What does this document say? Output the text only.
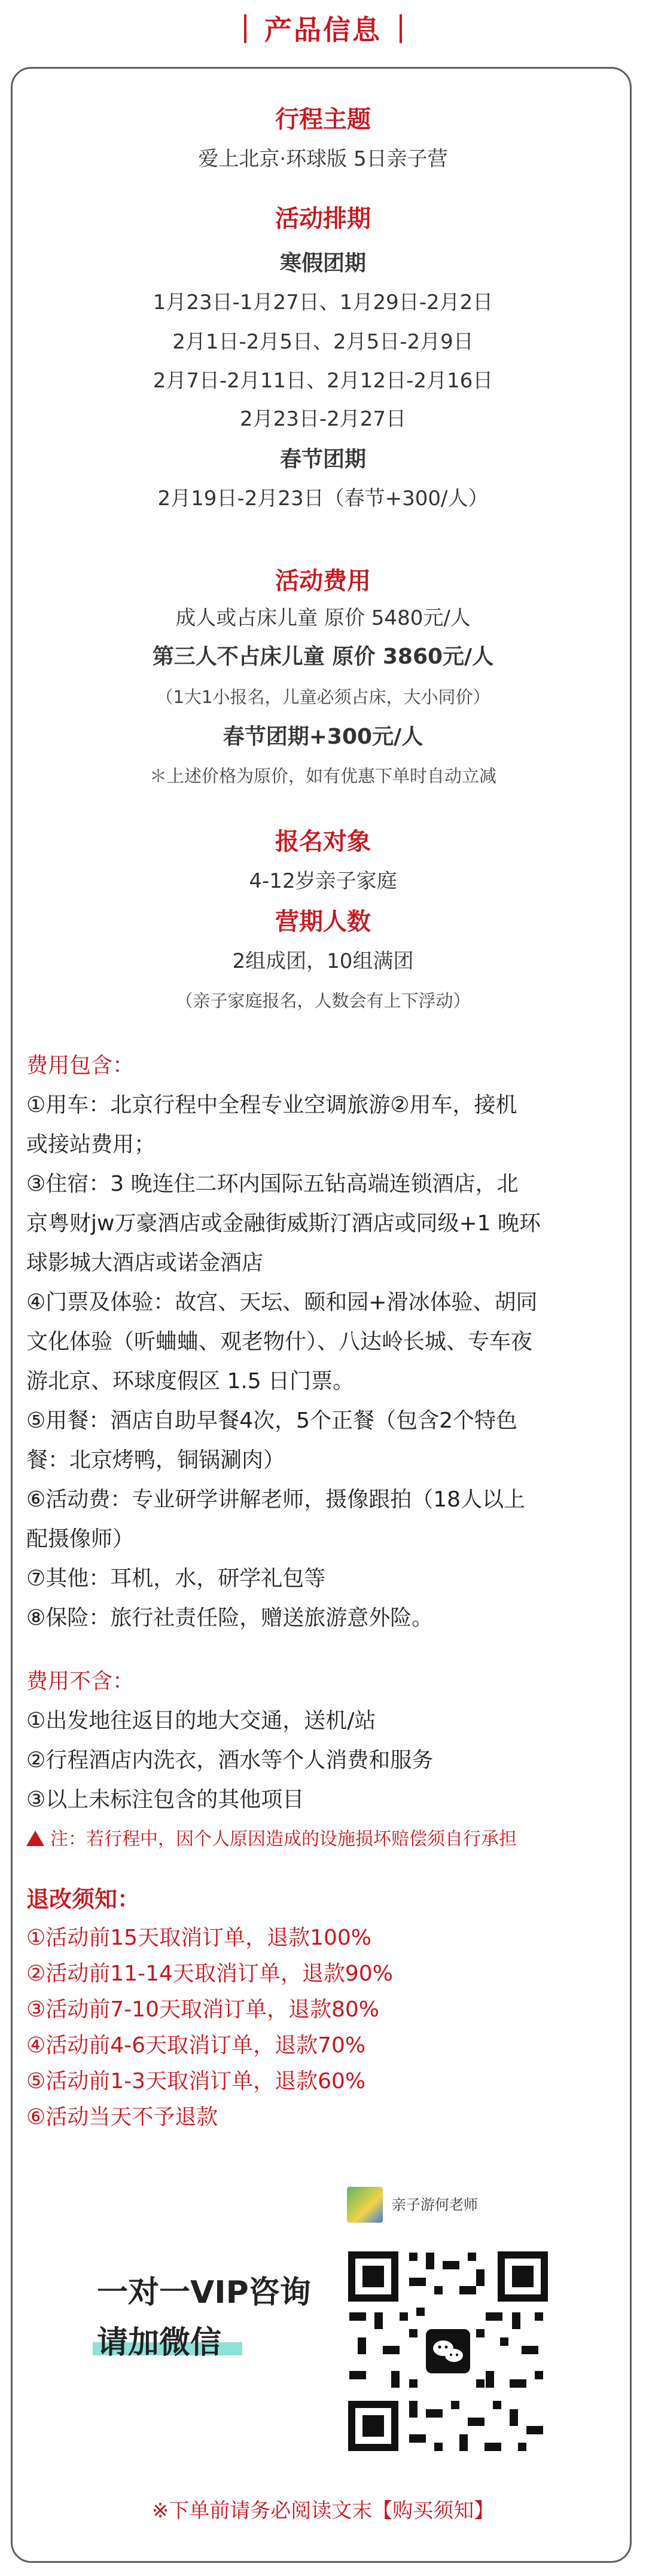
产品信息
行程主题
爱上北京·环球版 5日亲子营
活动排期
寒假团期
1月23日-1月27日、1月29日-2月2日
2月1日-2月5日、2月5日-2月9日
2月7日-2月11日、2月12日-2月16日
2月23日-2月27日
春节团期
2月19日-2月23日（春节+300/人）
活动费用
成人或占床儿童 原价 5480元/人
第三人不占床儿童 原价 3860元/人
（1大1小报名，儿童必须占床，大小同价）
春节团期+300元/人
＊上述价格为原价，如有优惠下单时自动立减
报名对象
4-12岁亲子家庭
营期人数
2组成团，10组满团
（亲子家庭报名，人数会有上下浮动）

费用包含：

①用车：北京行程中全程专业空调旅游②用车，接机

或接站费用；

③住宿：3 晚连住二环内国际五钻高端连锁酒店，北

京粤财jw万豪酒店或金融街威斯汀酒店或同级+1 晚环

球影城大酒店或诺金酒店

④门票及体验：故宫、天坛、颐和园+滑冰体验、胡同

文化体验（听蛐蛐、观老物什）、八达岭长城、专车夜

游北京、环球度假区 1.5 日门票。

⑤用餐：酒店自助早餐4次，5个正餐（包含2个特色

餐：北京烤鸭，铜锅涮肉）

⑥活动费：专业研学讲解老师，摄像跟拍（18人以上

配摄像师）

⑦其他：耳机，水，研学礼包等

⑧保险：旅行社责任险，赠送旅游意外险。

费用不含：

①出发地往返目的地大交通，送机/站

②行程酒店内洗衣，酒水等个人消费和服务

③以上未标注包含的其他项目

注：若行程中，因个人原因造成的设施损坏赔偿须自行承担

退改须知：

①活动前15天取消订单，退款100%

②活动前11-14天取消订单，退款90%

③活动前7-10天取消订单，退款80%

④活动前4-6天取消订单，退款70%

⑤活动前1-3天取消订单，退款60%

⑥活动当天不予退款

亲子游何老师
一对一VIP咨询
请加微信
※下单前请务必阅读文末【购买须知】
